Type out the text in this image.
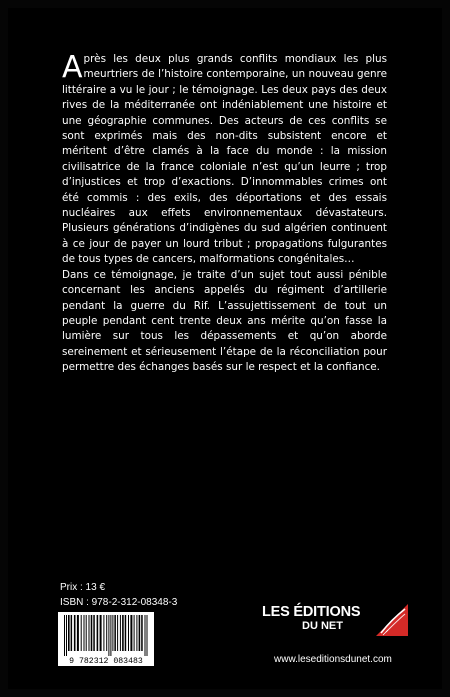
Après les deux plus grands conflits mondiaux les plus meurtriers de l’histoire contemporaine, un nouveau genre littéraire a vu le jour ; le témoignage. Les deux pays des deux rives de la méditerranée ont indéniablement une histoire et une géographie communes. Des acteurs de ces conflits se sont exprimés mais des non-dits subsistent encore et méritent d’être clamés à la face du monde : la mission civilisatrice de la france coloniale n’est qu’un leurre ; trop d’injustices et trop d’exactions. D’innommables crimes ont été commis : des exils, des déportations et des essais nucléaires aux effets environnementaux dévastateurs. Plusieurs générations d’indigènes du sud algérien continuent à ce jour de payer un lourd tribut ; propagations fulgurantes de tous types de cancers, malformations congénitales…

Dans ce témoignage, je traite d’un sujet tout aussi pénible concernant les anciens appelés du régiment d’artillerie pendant la guerre du Rif. L’assujettissement de tout un peuple pendant cent trente deux ans mérite qu’on fasse la lumière sur tous les dépassements et qu’on aborde sereinement et sérieusement l’étape de la réconciliation pour permettre des échanges basés sur le respect et la confiance.

Prix : 13 €
ISBN : 978-2-312-08348-3
9 782312 083483
LES ÉDITIONS
DU NET
www.leseditionsdunet.com
